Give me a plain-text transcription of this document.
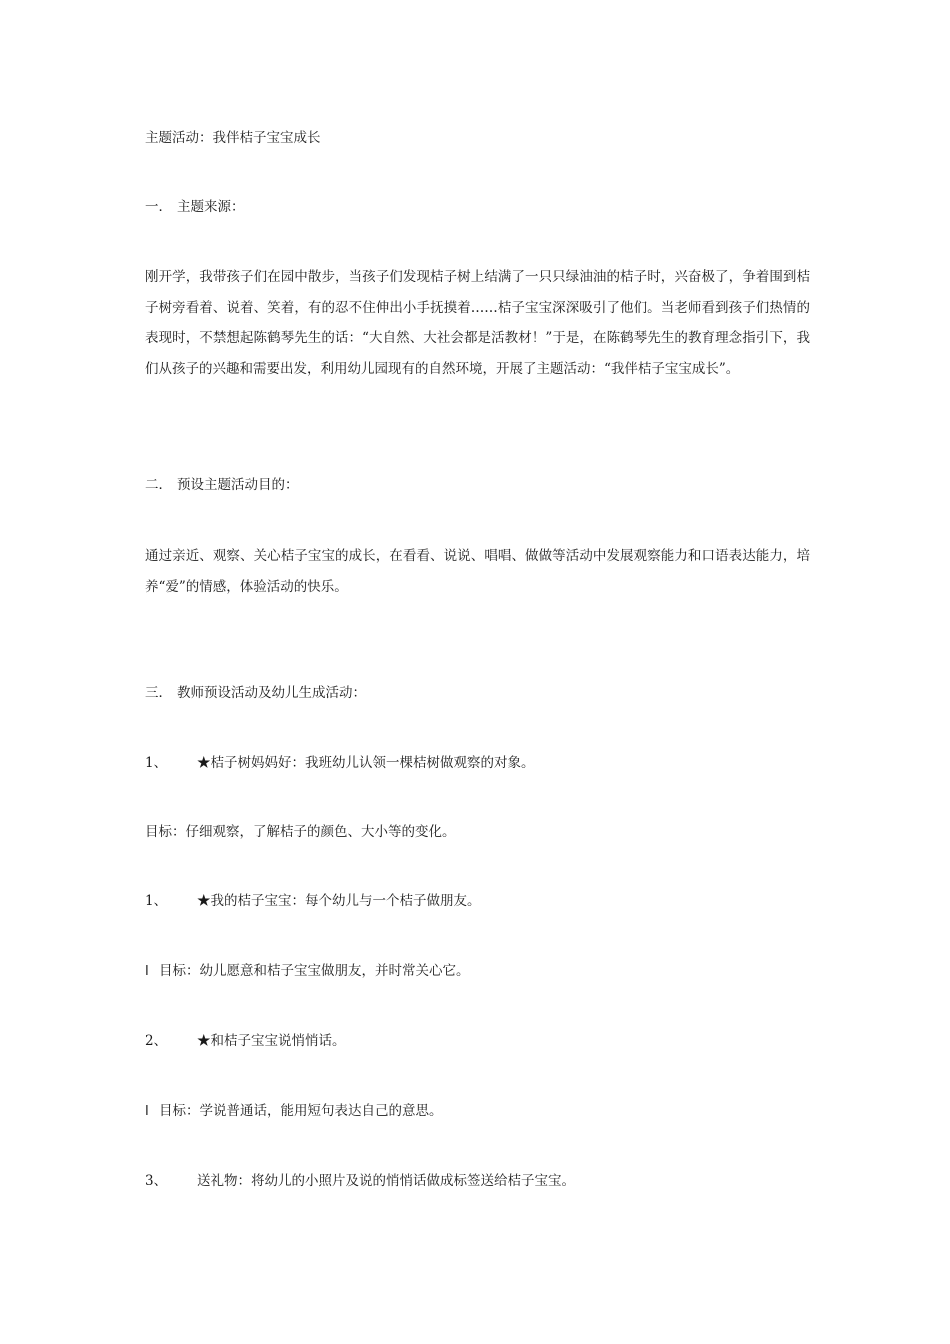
主题活动：我伴桔子宝宝成长
一． 主题来源：
刚开学，我带孩子们在园中散步，当孩子们发现桔子树上结满了一只只绿油油的桔子时，兴奋极了，争着围到桔子树旁看着、说着、笑着，有的忍不住伸出小手抚摸着……桔子宝宝深深吸引了他们。当老师看到孩子们热情的表现时，不禁想起陈鹤琴先生的话：“大自然、大社会都是活教材！”于是，在陈鹤琴先生的教育理念指引下，我们从孩子的兴趣和需要出发，利用幼儿园现有的自然环境，开展了主题活动：“我伴桔子宝宝成长”。
二． 预设主题活动目的：
通过亲近、观察、关心桔子宝宝的成长，在看看、说说、唱唱、做做等活动中发展观察能力和口语表达能力，培养“爱”的情感，体验活动的快乐。
三． 教师预设活动及幼儿生成活动：
1、 ★桔子树妈妈好：我班幼儿认领一棵桔树做观察的对象。
目标：仔细观察，了解桔子的颜色、大小等的变化。
1、 ★我的桔子宝宝：每个幼儿与一个桔子做朋友。
l 目标：幼儿愿意和桔子宝宝做朋友，并时常关心它。
2、 ★和桔子宝宝说悄悄话。
l 目标：学说普通话，能用短句表达自己的意思。
3、 送礼物：将幼儿的小照片及说的悄悄话做成标签送给桔子宝宝。
